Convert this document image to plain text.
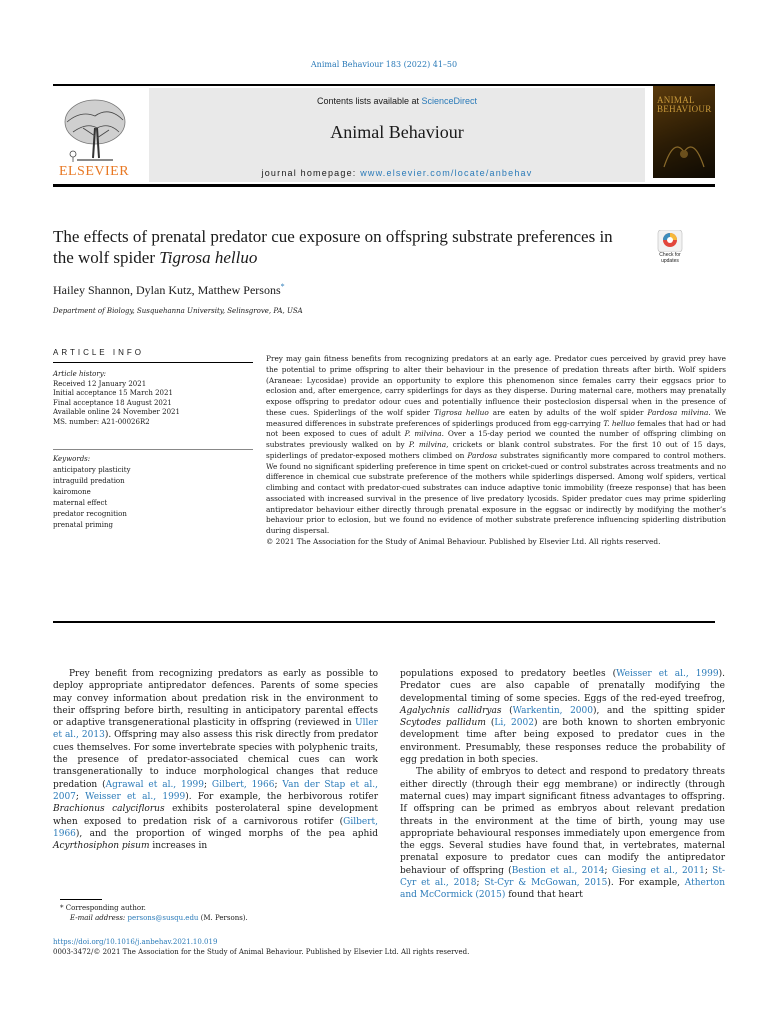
Animal Behaviour 183 (2022) 41–50
ELSEVIER
Contents lists available at ScienceDirect
Animal Behaviour
journal homepage: www.elsevier.com/locate/anbehav
ANIMAL BEHAVIOUR
The effects of prenatal predator cue exposure on offspring substrate preferences in the wolf spider Tigrosa helluo	Check for updates
Hailey Shannon, Dylan Kutz, Matthew Persons*
Department of Biology, Susquehanna University, Selinsgrove, PA, USA
ARTICLE INFO
Article history:
Received 12 January 2021
Initial acceptance 15 March 2021
Final acceptance 18 August 2021
Available online 24 November 2021
MS. number: A21-00026R2
Keywords:
anticipatory plasticity
intraguild predation
kairomone
maternal effect
predator recognition
prenatal priming
Prey may gain fitness benefits from recognizing predators at an early age. Predator cues perceived by gravid prey have the potential to prime offspring to alter their behaviour in the presence of predation threats after birth. Wolf spiders (Araneae: Lycosidae) provide an opportunity to explore this phenomenon since females carry their eggsacs prior to eclosion and, after emergence, carry spiderlings for days as they disperse. During maternal care, mothers may prenatally expose offspring to predator odour cues and potentially influence their posteclosion dispersal when in the presence of these cues. Spiderlings of the wolf spider Tigrosa helluo are eaten by adults of the wolf spider Pardosa milvina. We measured differences in substrate preferences of spiderlings produced from egg-carrying T. helluo females that had or had not been exposed to cues of adult P. milvina. Over a 15-day period we counted the number of offspring climbing on substrates previously walked on by P. milvina, crickets or blank control substrates. For the first 10 out of 15 days, spiderlings of predator-exposed mothers climbed on Pardosa substrates significantly more compared to control mothers. We found no significant spiderling preference in time spent on cricket-cued or control substrates across treatments and no difference in chemical cue substrate preference of the mothers while spiderlings dispersed. Among wolf spiders, vertical climbing and contact with predator-cued substrates can induce adaptive tonic immobility (freeze response) that has been associated with increased survival in the presence of live predatory lycosids. Spider predator cues may prime spiderling antipredator behaviour either directly through prenatal exposure in the eggsac or indirectly by modifying the mother’s behaviour prior to eclosion, but we found no evidence of mother substrate preference influencing spiderling distribution during dispersal.
© 2021 The Association for the Study of Animal Behaviour. Published by Elsevier Ltd. All rights reserved.

Prey benefit from recognizing predators as early as possible to deploy appropriate antipredator defences. Parents of some species may convey information about predation risk in the environment to their offspring before birth, resulting in anticipatory parental effects or adaptive transgenerational plasticity in offspring (reviewed in Uller et al., 2013). Offspring may also assess this risk directly from predator cues themselves. For some invertebrate species with polyphenic traits, the presence of predator-associated chemical cues can work transgenerationally to induce morphological changes that reduce predation (Agrawal et al., 1999; Gilbert, 1966; Van der Stap et al., 2007; Weisser et al., 1999). For example, the herbivorous rotifer Brachionus calyciflorus exhibits posterolateral spine development when exposed to predation risk of a carnivorous rotifer (Gilbert, 1966), and the proportion of winged morphs of the pea aphid Acyrthosiphon pisum increases in

populations exposed to predatory beetles (Weisser et al., 1999). Predator cues are also capable of prenatally modifying the developmental timing of some species. Eggs of the red-eyed treefrog, Agalychnis callidryas (Warkentin, 2000), and the spitting spider Scytodes pallidum (Li, 2002) are both known to shorten embryonic development time after being exposed to predator cues in the environment. Presumably, these responses reduce the probability of egg predation in both species.

The ability of embryos to detect and respond to predatory threats either directly (through their egg membrane) or indirectly (through maternal cues) may impart significant fitness advantages to offspring. If offspring can be primed as embryos about relevant predation threats in the environment at the time of birth, young may use appropriate behavioural responses immediately upon emergence from the eggs. Several studies have found that, in vertebrates, maternal prenatal exposure to predator cues can modify the antipredator behaviour of offspring (Bestion et al., 2014; Giesing et al., 2011; St-Cyr et al., 2018; St-Cyr & McGowan, 2015). For example, Atherton and McCormick (2015) found that heart

* Corresponding author.
E-mail address: persons@susqu.edu (M. Persons).
https://doi.org/10.1016/j.anbehav.2021.10.019
0003-3472/© 2021 The Association for the Study of Animal Behaviour. Published by Elsevier Ltd. All rights reserved.
